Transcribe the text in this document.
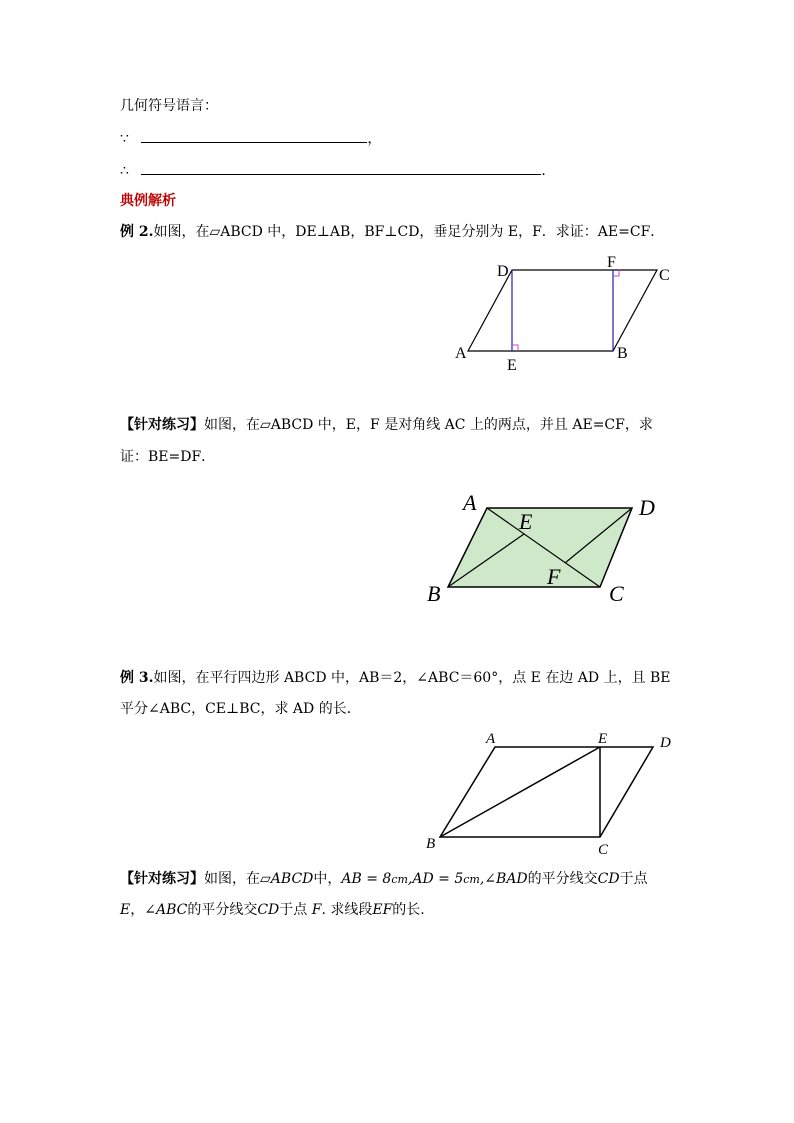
几何符号语言：
∵	，
∴	.
典例解析
例 2.如图，在▱ABCD 中，DE⊥AB，BF⊥CD，垂足分别为 E，F．求证：AE=CF．
A	B
C
D
E
F
【针对练习】如图，在▱ABCD 中，E，F 是对角线 AC 上的两点，并且 AE=CF，求
证：BE=DF．
A	D
E
F
B	C
例 3.如图，在平行四边形 ABCD 中，AB＝2，∠ABC＝60°，点 E 在边 AD 上，且 BE
平分∠ABC，CE⊥BC，求 AD 的长．
A	E	D
B	C
【针对练习】如图，在▱ABCD中，AB = 8cm,AD = 5cm,∠BAD的平分线交CD于点
E，∠ABC的平分线交CD于点 F. 求线段EF的长.
